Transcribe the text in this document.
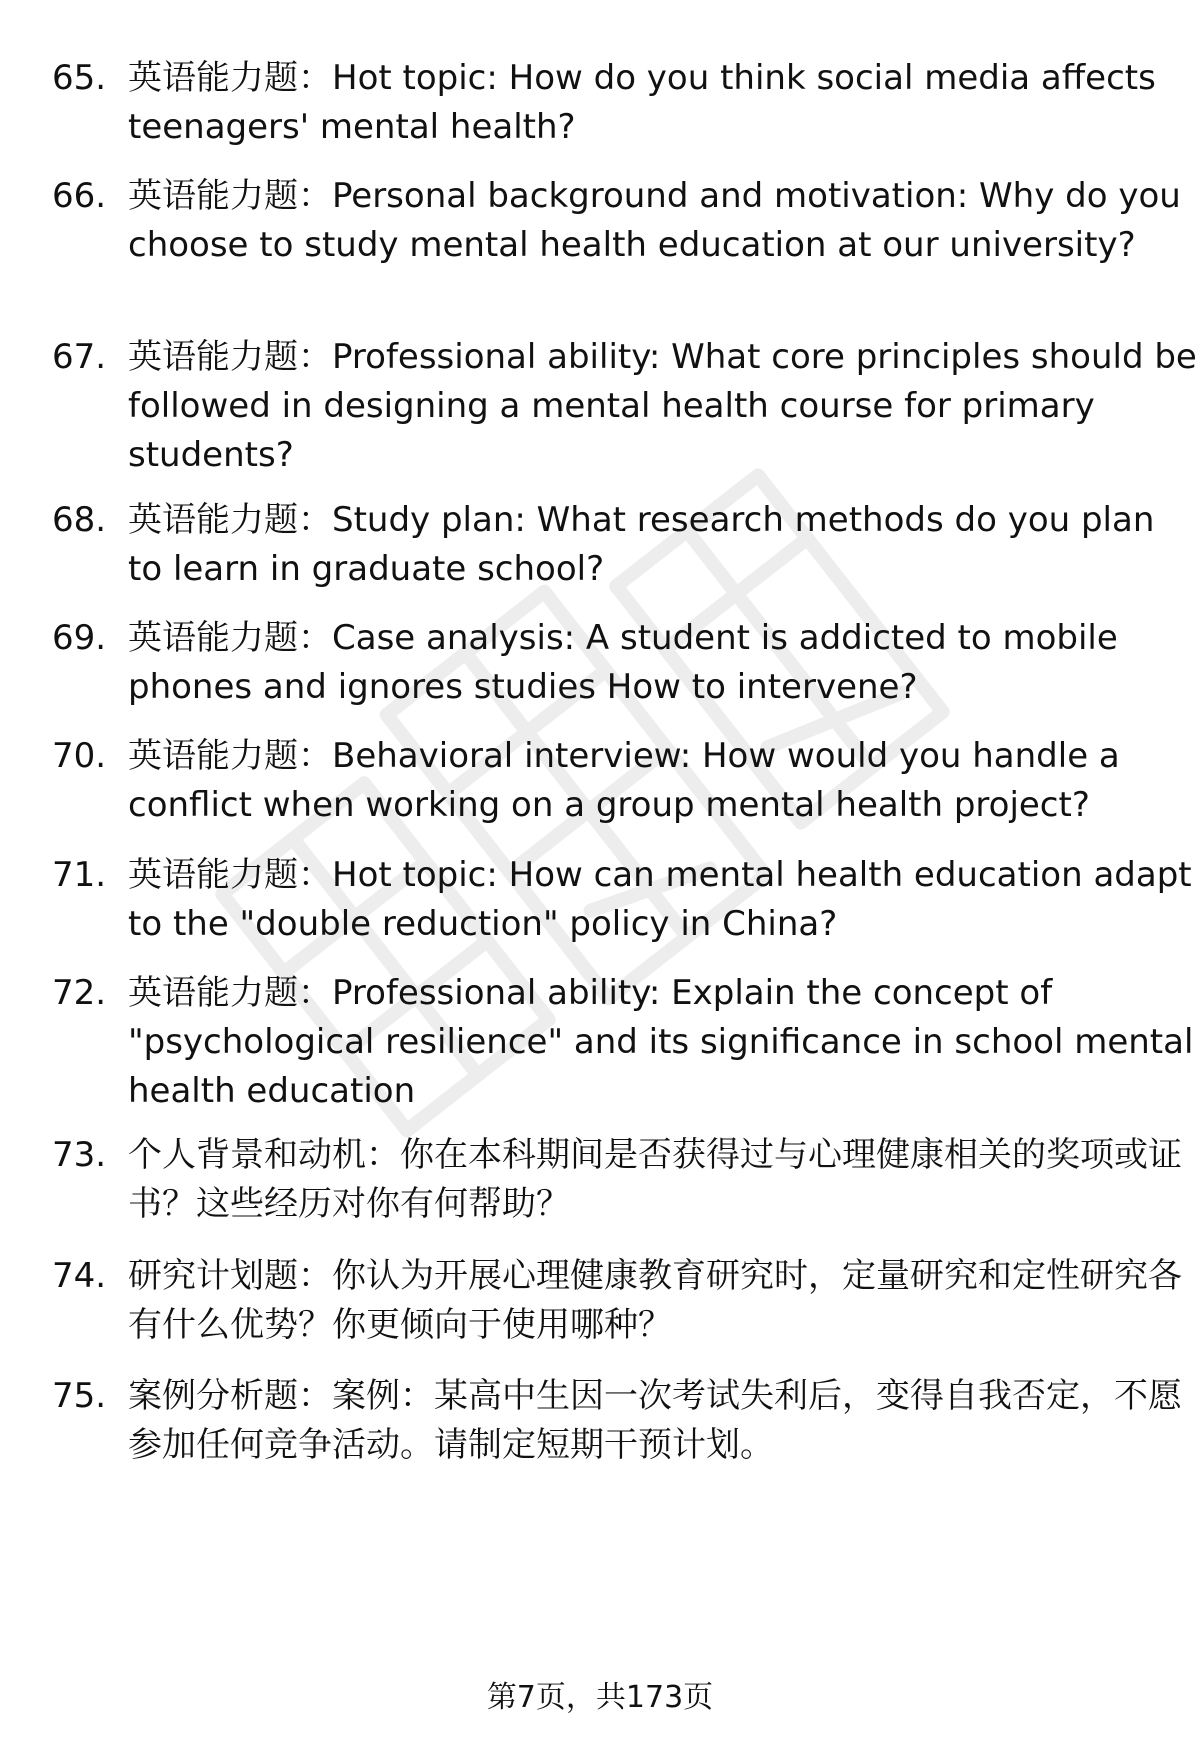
65. 英语能力题：Hot topic: How do you think social media affects teenagers' mental health?
66. 英语能力题：Personal background and motivation: Why do you choose to study mental health education at our university?
67. 英语能力题：Professional ability: What core principles should be followed in designing a mental health course for primary students?
68. 英语能力题：Study plan: What research methods do you plan to learn in graduate school?
69. 英语能力题：Case analysis: A student is addicted to mobile phones and ignores studies How to intervene?
70. 英语能力题：Behavioral interview: How would you handle a conflict when working on a group mental health project?
71. 英语能力题：Hot topic: How can mental health education adapt to the "double reduction" policy in China?
72. 英语能力题：Professional ability: Explain the concept of "psychological resilience" and its significance in school mental health education
73. 个人背景和动机：你在本科期间是否获得过与心理健康相关的奖项或证书？这些经历对你有何帮助？
74. 研究计划题：你认为开展心理健康教育研究时，定量研究和定性研究各有什么优势？你更倾向于使用哪种？
75. 案例分析题：案例：某高中生因一次考试失利后，变得自我否定，不愿参加任何竞争活动。请制定短期干预计划。
第7页，共173页
